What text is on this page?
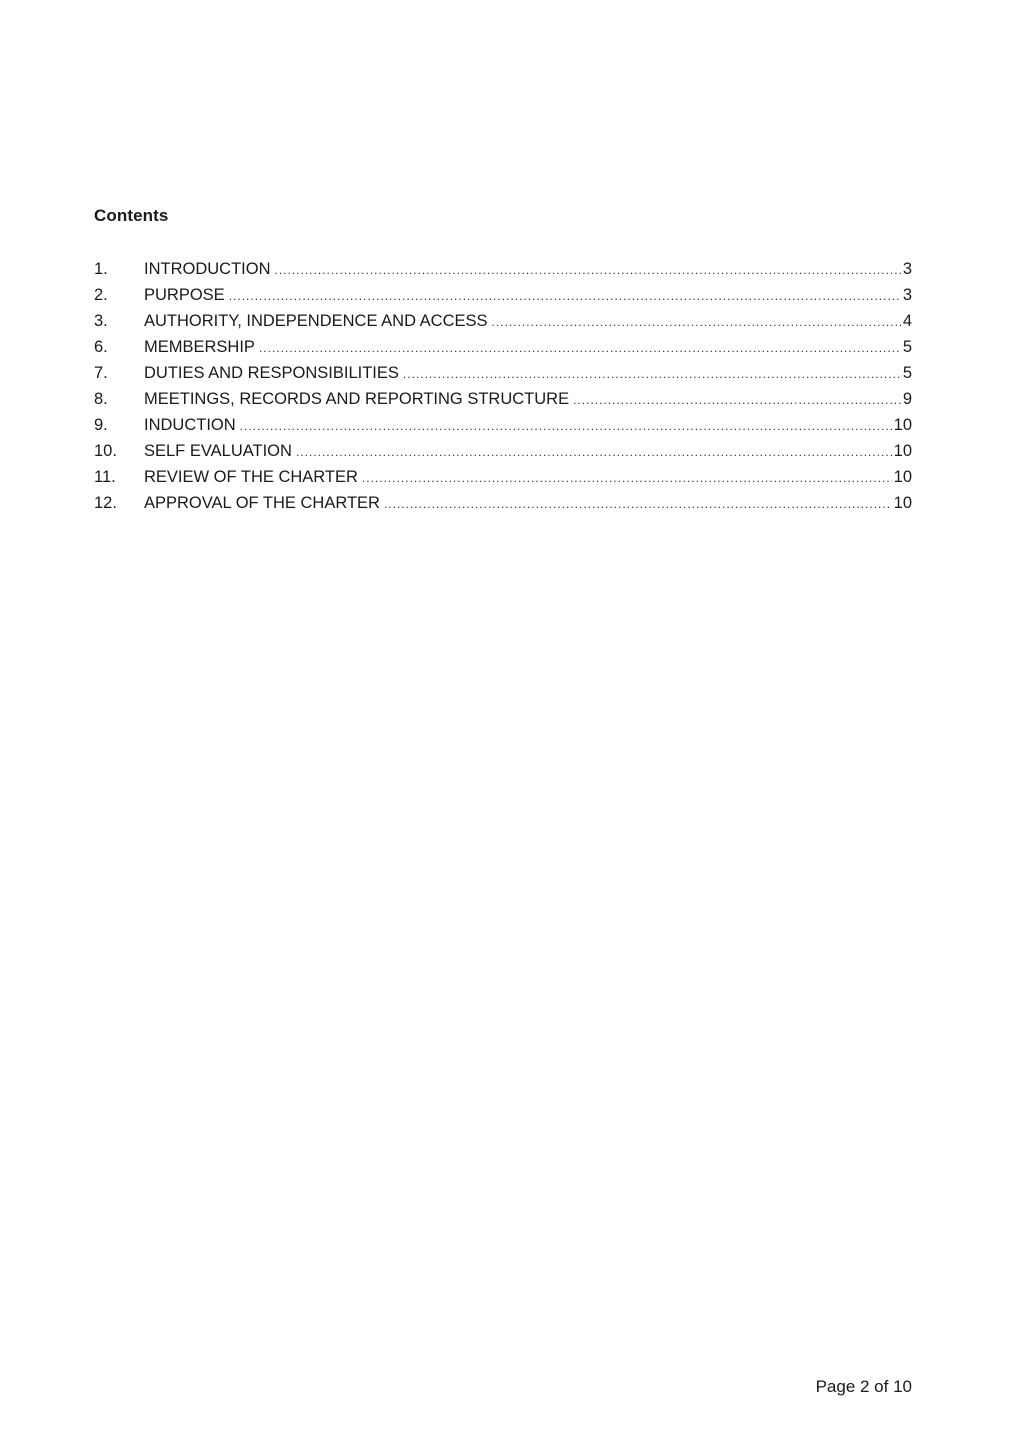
Contents
1.	INTRODUCTION .....	3
2.	PURPOSE .....	3
3.	AUTHORITY, INDEPENDENCE AND ACCESS .....	4
6.	MEMBERSHIP .....	5
7.	DUTIES AND RESPONSIBILITIES .....	5
8.	MEETINGS, RECORDS AND REPORTING STRUCTURE .....	9
9.	INDUCTION .....	10
10.	SELF EVALUATION .....	10
11.	REVIEW OF THE CHARTER .....	10
12.	APPROVAL OF THE CHARTER .....	10
Page 2 of 10
